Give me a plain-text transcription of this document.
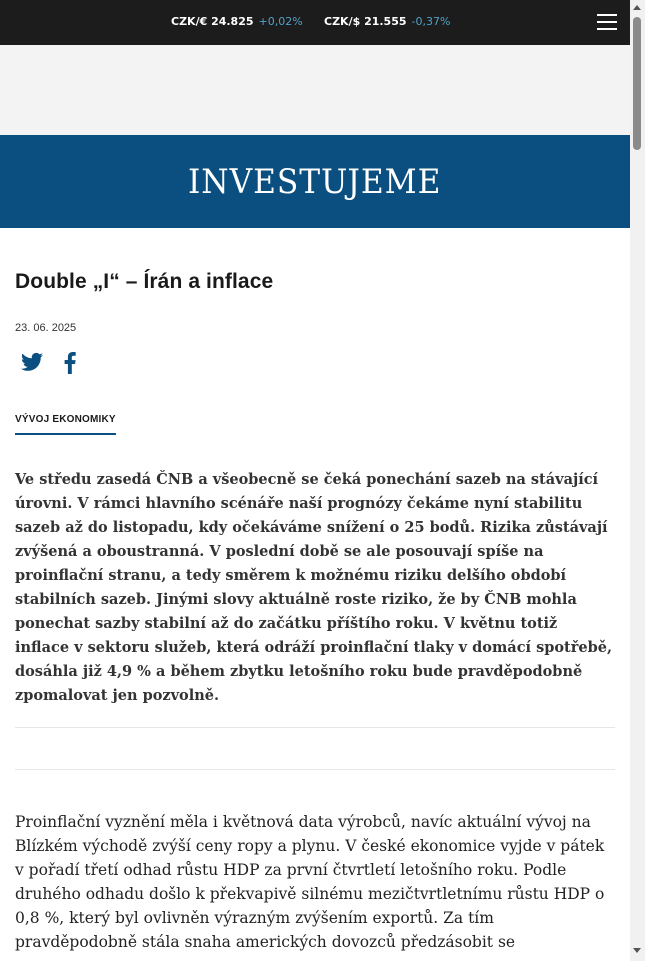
CZK/€ 24.825 +0,02% CZK/$ 21.555 -0,37%
INVESTUJEME
Double „I“ – Írán a inflace
23. 06. 2025
VÝVOJ EKONOMIKY

Ve středu zasedá ČNB a všeobecně se čeká ponechání sazeb na stávající úrovni. V rámci hlavního scénáře naší prognózy čekáme nyní stabilitu sazeb až do listopadu, kdy očekáváme snížení o 25 bodů. Rizika zůstávají zvýšená a oboustranná. V poslední době se ale posouvají spíše na proinflační stranu, a tedy směrem k možnému riziku delšího období stabilních sazeb. Jinými slovy aktuálně roste riziko, že by ČNB mohla ponechat sazby stabilní až do začátku příštího roku. V květnu totiž inflace v sektoru služeb, která odráží proinflační tlaky v domácí spotřebě, dosáhla již 4,9 % a během zbytku letošního roku bude pravděpodobně zpomalovat jen pozvolně.

Proinflační vyznění měla i květnová data výrobců, navíc aktuální vývoj na Blízkém východě zvýší ceny ropy a plynu. V české ekonomice vyjde v pátek v pořadí třetí odhad růstu HDP za první čtvrtletí letošního roku. Podle druhého odhadu došlo k překvapivě silnému mezičtvrtletnímu růstu HDP o 0,8 %, který byl ovlivněn výrazným zvýšením exportů. Za tím pravděpodobně stála snaha amerických dovozců předzásobit se
